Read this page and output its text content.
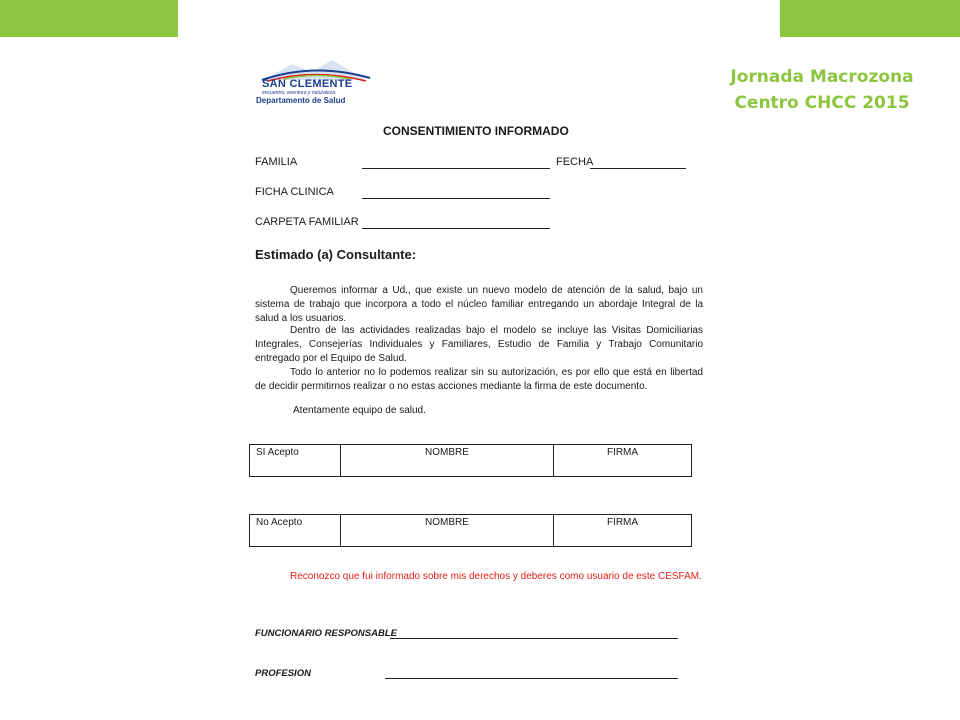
Jornada Macrozona
Centro CHCC 2015
SAN CLEMENTE
encuentro, aventura y naturaleza
Departamento de Salud
CONSENTIMIENTO INFORMADO
FAMILIA	FECHA
FICHA CLINICA
CARPETA FAMILIAR
Estimado (a) Consultante:
Queremos informar a Ud., que existe un nuevo modelo de atención de la salud, bajo un sistema de trabajo que incorpora a todo el núcleo familiar entregando un abordaje Integral de la salud a los usuarios.
Dentro de las actividades realizadas bajo el modelo se incluye las Visitas Domiciliarias Integrales, Consejerías Individuales y Familiares, Estudio de Familia y Trabajo Comunitario entregado por el Equipo de Salud.
Todo lo anterior no lo podemos realizar sin su autorización, es por ello que está en libertad de decidir permitirnos realizar o no estas acciones mediante la firma de este documento.
Atentamente equipo de salud.
SI Acepto	NOMBRE	FIRMA
No Acepto	NOMBRE	FIRMA
Reconozco que fui informado sobre mis derechos y deberes como usuario de este CESFAM.
FUNCIONARIO RESPONSABLE
PROFESION
